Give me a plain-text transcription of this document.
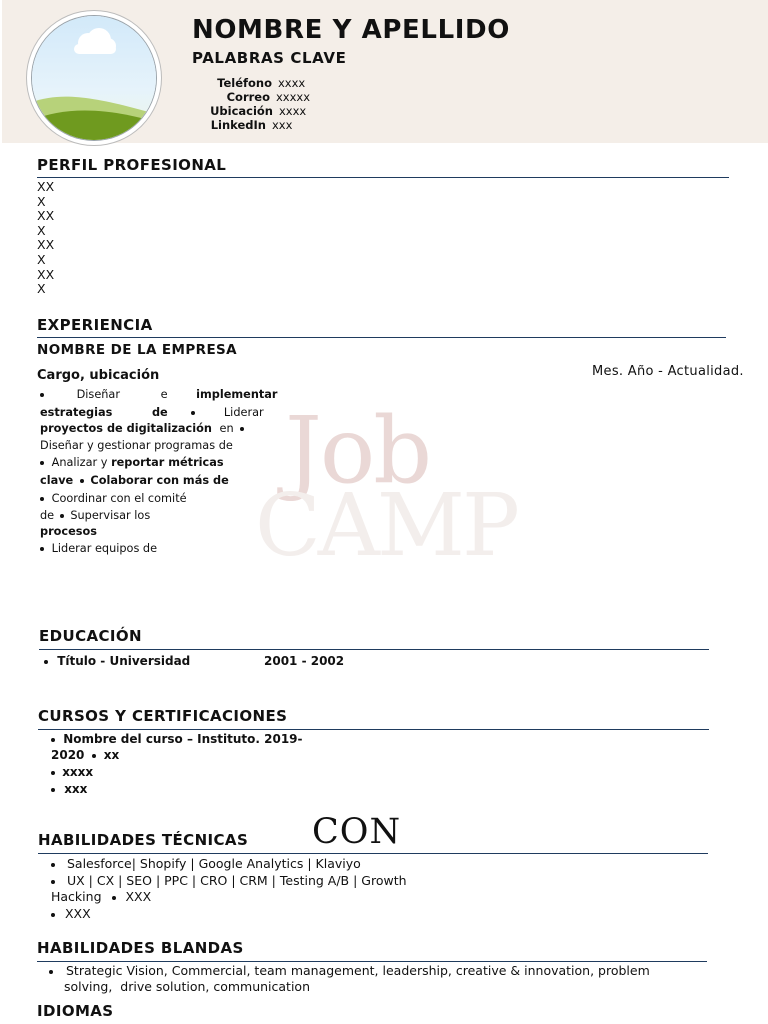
NOMBRE Y APELLIDO
PALABRAS CLAVE
Teléfono xxxx
Correo xxxxx
Ubicación xxxx
LinkedIn xxx
PERFIL PROFESIONAL
XX
X
XX
X
XX
X
XX
X
EXPERIENCIA
NOMBRE DE LA EMPRESA
Cargo, ubicación	Mes. Año - Actualidad.
Job
CAMP
Diseñar	e	implementar
estrategias	de	Liderar
proyectos de digitalización en
Diseñar y gestionar programas de
Analizar y reportar métricas
clave Colaborar con más de
Coordinar con el comité
de Supervisar los
procesos
Liderar equipos de
EDUCACIÓN
Título - Universidad	2001 - 2002
CURSOS Y CERTIFICACIONES
Nombre del curso – Instituto. 2019-
2020 xx
xxxx
xxx
HABILIDADES TÉCNICAS CON
Salesforce| Shopify | Google Analytics | Klaviyo
UX | CX | SEO | PPC | CRO | CRM | Testing A/B | Growth
Hacking XXX
XXX
HABILIDADES BLANDAS
Strategic Vision, Commercial, team management, leadership, creative & innovation, problem
solving,  drive solution, communication
IDIOMAS
